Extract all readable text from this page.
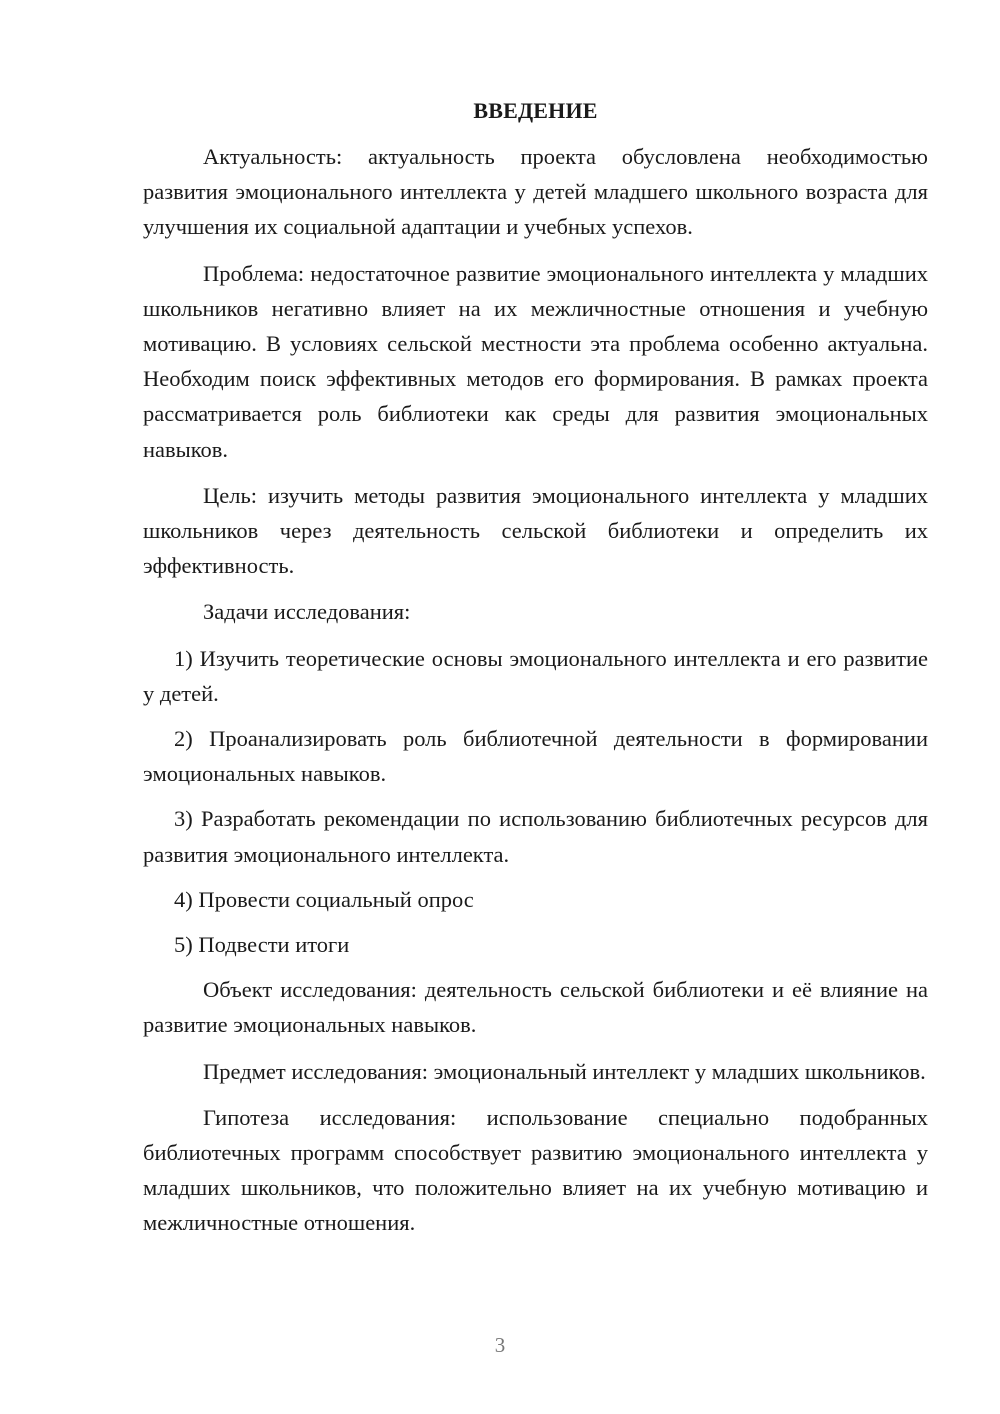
ВВЕДЕНИЕ

Актуальность: актуальность проекта обусловлена необходимостью развития эмоционального интеллекта у детей младшего школьного возраста для улучшения их социальной адаптации и учебных успехов.

Проблема: недостаточное развитие эмоционального интеллекта у младших школьников негативно влияет на их межличностные отношения и учебную мотивацию. В условиях сельской местности эта проблема особенно актуальна. Необходим поиск эффективных методов его формирования. В рамках проекта рассматривается роль библиотеки как среды для развития эмоциональных навыков.

Цель: изучить методы развития эмоционального интеллекта у младших школьников через деятельность сельской библиотеки и определить их эффективность.

Задачи исследования:

1) Изучить теоретические основы эмоционального интеллекта и его развитие у детей.

2) Проанализировать роль библиотечной деятельности в формировании эмоциональных навыков.

3) Разработать рекомендации по использованию библиотечных ресурсов для развития эмоционального интеллекта.

4) Провести социальный опрос

5) Подвести итоги

Объект исследования: деятельность сельской библиотеки и её влияние на развитие эмоциональных навыков.

Предмет исследования: эмоциональный интеллект у младших школьников.

Гипотеза исследования: использование специально подобранных библиотечных программ способствует развитию эмоционального интеллекта у младших школьников, что положительно влияет на их учебную мотивацию и межличностные отношения.

3
